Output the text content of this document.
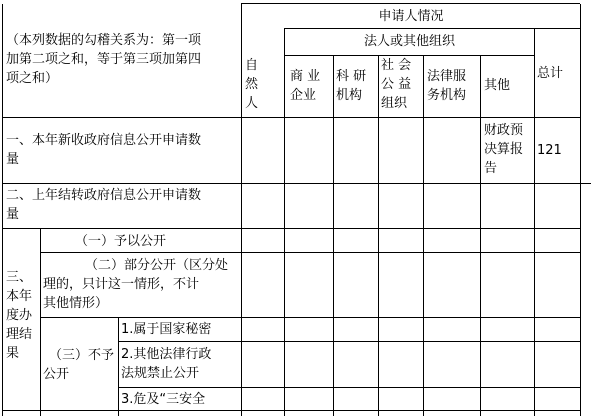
（本列数据的勾稽关系为：第一项
加第二项之和，等于第三项加第四
项之和）
申请人情况
自
然
人
法人或其他组织
商 业
企业
科 研
机构
社 会
公 益
组织
法律服
务机构
其他
总计
一、本年新收政府信息公开申请数
量
财政预
决算报
告
121
二、上年结转政府信息公开申请数
量
三、
本年
度办
理结
果
（一）予以公开
（二）部分公开（区分处
理的，只计这一情形，不计
其他情形）
（三）不予
公开
1.属于国家秘密
2.其他法律行政
法规禁止公开
3.危及“三安全
